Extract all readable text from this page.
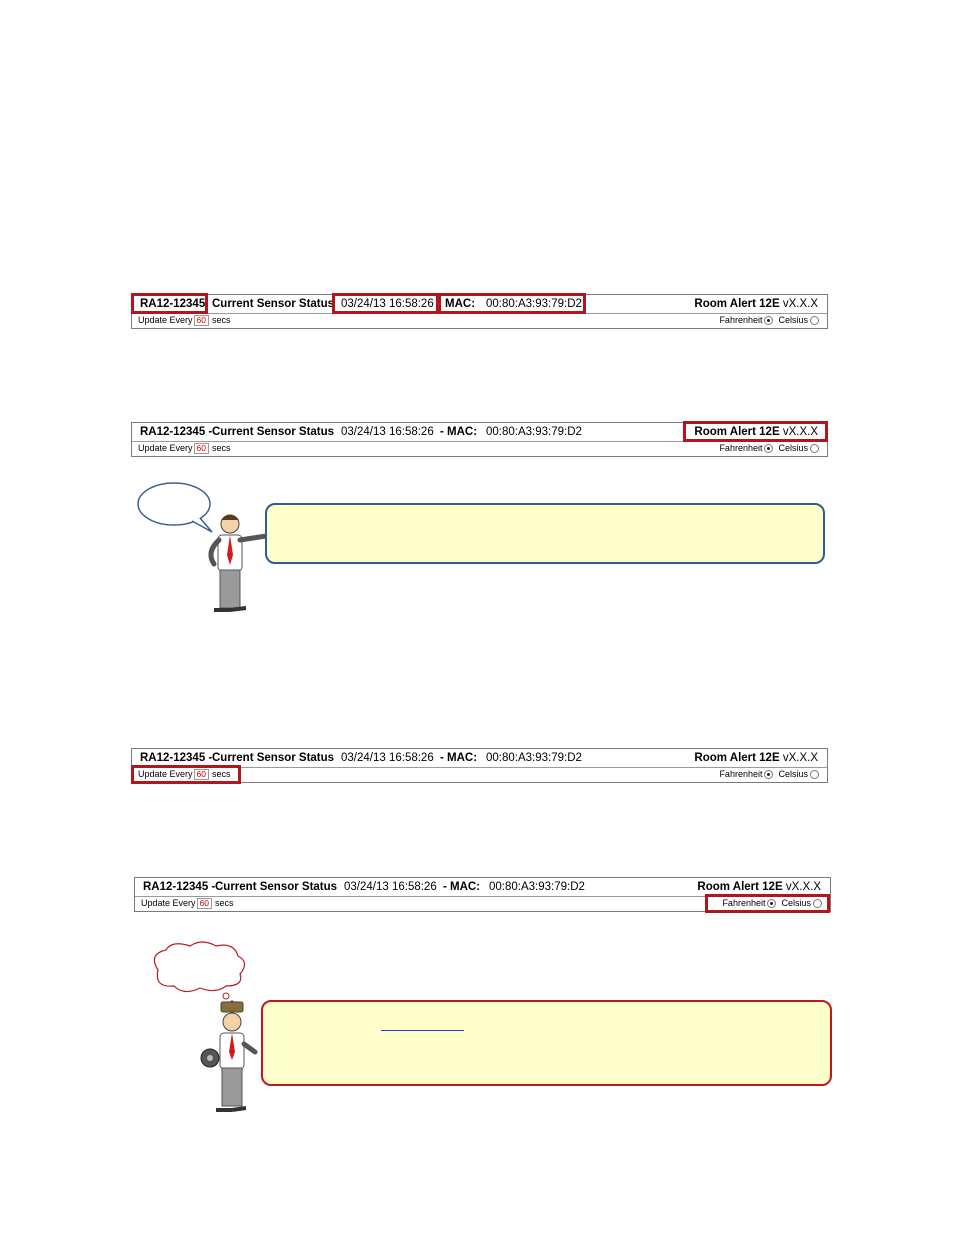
RA12-12345 Current Sensor Status 03/24/13 16:58:26 MAC: 00:80:A3:93:79:D2	Room Alert 12E vX.X.X
Update Every 60 secs	Fahrenheit Celsius
RA12-12345 - Current Sensor Status 03/24/13 16:58:26 - MAC: 00:80:A3:93:79:D2	Room Alert 12E vX.X.X
Update Every 60 secs	Fahrenheit Celsius
RA12-12345 - Current Sensor Status 03/24/13 16:58:26 - MAC: 00:80:A3:93:79:D2	Room Alert 12E vX.X.X
Update Every 60 secs	Fahrenheit Celsius
RA12-12345 - Current Sensor Status 03/24/13 16:58:26 - MAC: 00:80:A3:93:79:D2	Room Alert 12E vX.X.X
Update Every 60 secs	Fahrenheit Celsius
